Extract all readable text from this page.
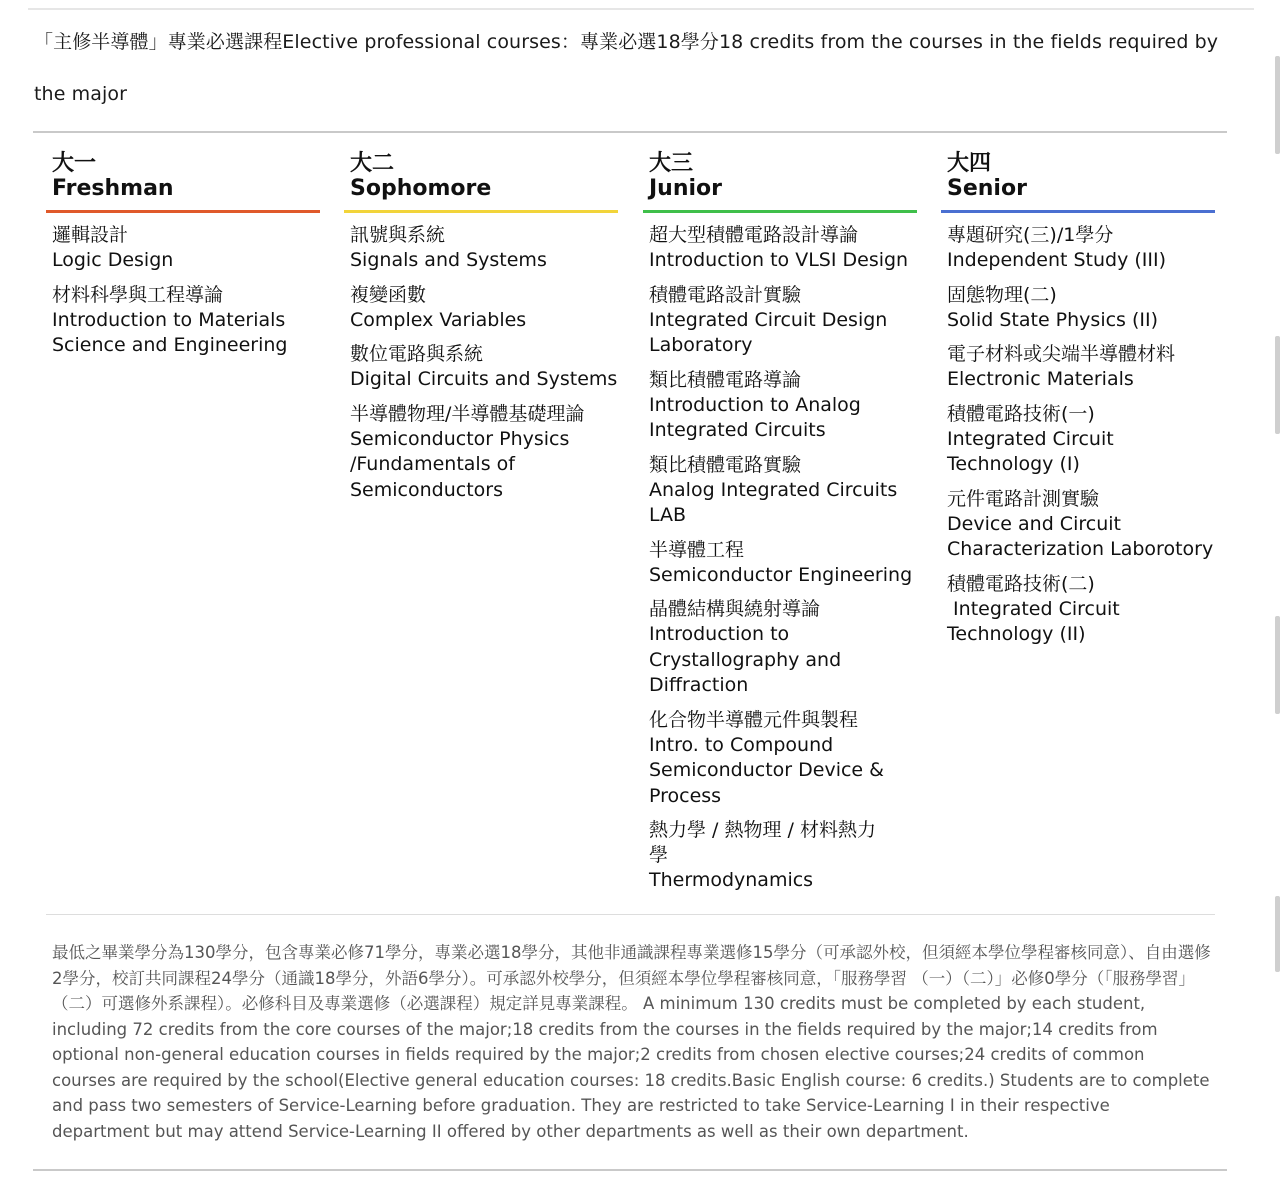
「主修半導體」專業必選課程Elective professional courses：專業必選18學分18 credits from the courses in the fields required by the major
大一
Freshman
邏輯設計
Logic Design
材料科學與工程導論
Introduction to Materials
Science and Engineering
大二
Sophomore
訊號與系統
Signals and Systems
複變函數
Complex Variables
數位電路與系統
Digital Circuits and Systems
半導體物理/半導體基礎理論
Semiconductor Physics
/Fundamentals of
Semiconductors
大三
Junior
超大型積體電路設計導論
Introduction to VLSI Design
積體電路設計實驗
Integrated Circuit Design
Laboratory
類比積體電路導論
Introduction to Analog
Integrated Circuits
類比積體電路實驗
Analog Integrated Circuits
LAB
半導體工程
Semiconductor Engineering
晶體結構與繞射導論
Introduction to
Crystallography and
Diffraction
化合物半導體元件與製程
Intro. to Compound
Semiconductor Device &
Process
熱力學 / 熱物理 / 材料熱力
學
Thermodynamics
大四
Senior
專題研究(三)/1學分
Independent Study (III)
固態物理(二)
Solid State Physics (II)
電子材料或尖端半導體材料
Electronic Materials
積體電路技術(一)
Integrated Circuit
Technology (I)
元件電路計測實驗
Device and Circuit
Characterization Laborotory
積體電路技術(二)
Integrated Circuit
Technology (II)
最低之畢業學分為130學分，包含專業必修71學分，專業必選18學分，其他非通識課程專業選修15學分（可承認外校，但須經本學位學程審核同意）、自由選修2學分，校訂共同課程24學分（通識18學分，外語6學分）。可承認外校學分，但須經本學位學程審核同意，「服務學習 （一）（二）」必修0學分（「服務學習」（二）可選修外系課程）。必修科目及專業選修（必選課程）規定詳見專業課程。 A minimum 130 credits must be completed by each student, including 72 credits from the core courses of the major;18 credits from the courses in the fields required by the major;14 credits from optional non-general education courses in fields required by the major;2 credits from chosen elective courses;24 credits of common courses are required by the school(Elective general education courses: 18 credits.Basic English course: 6 credits.) Students are to complete and pass two semesters of Service-Learning before graduation. They are restricted to take Service-Learning I in their respective department but may attend Service-Learning II offered by other departments as well as their own department.
